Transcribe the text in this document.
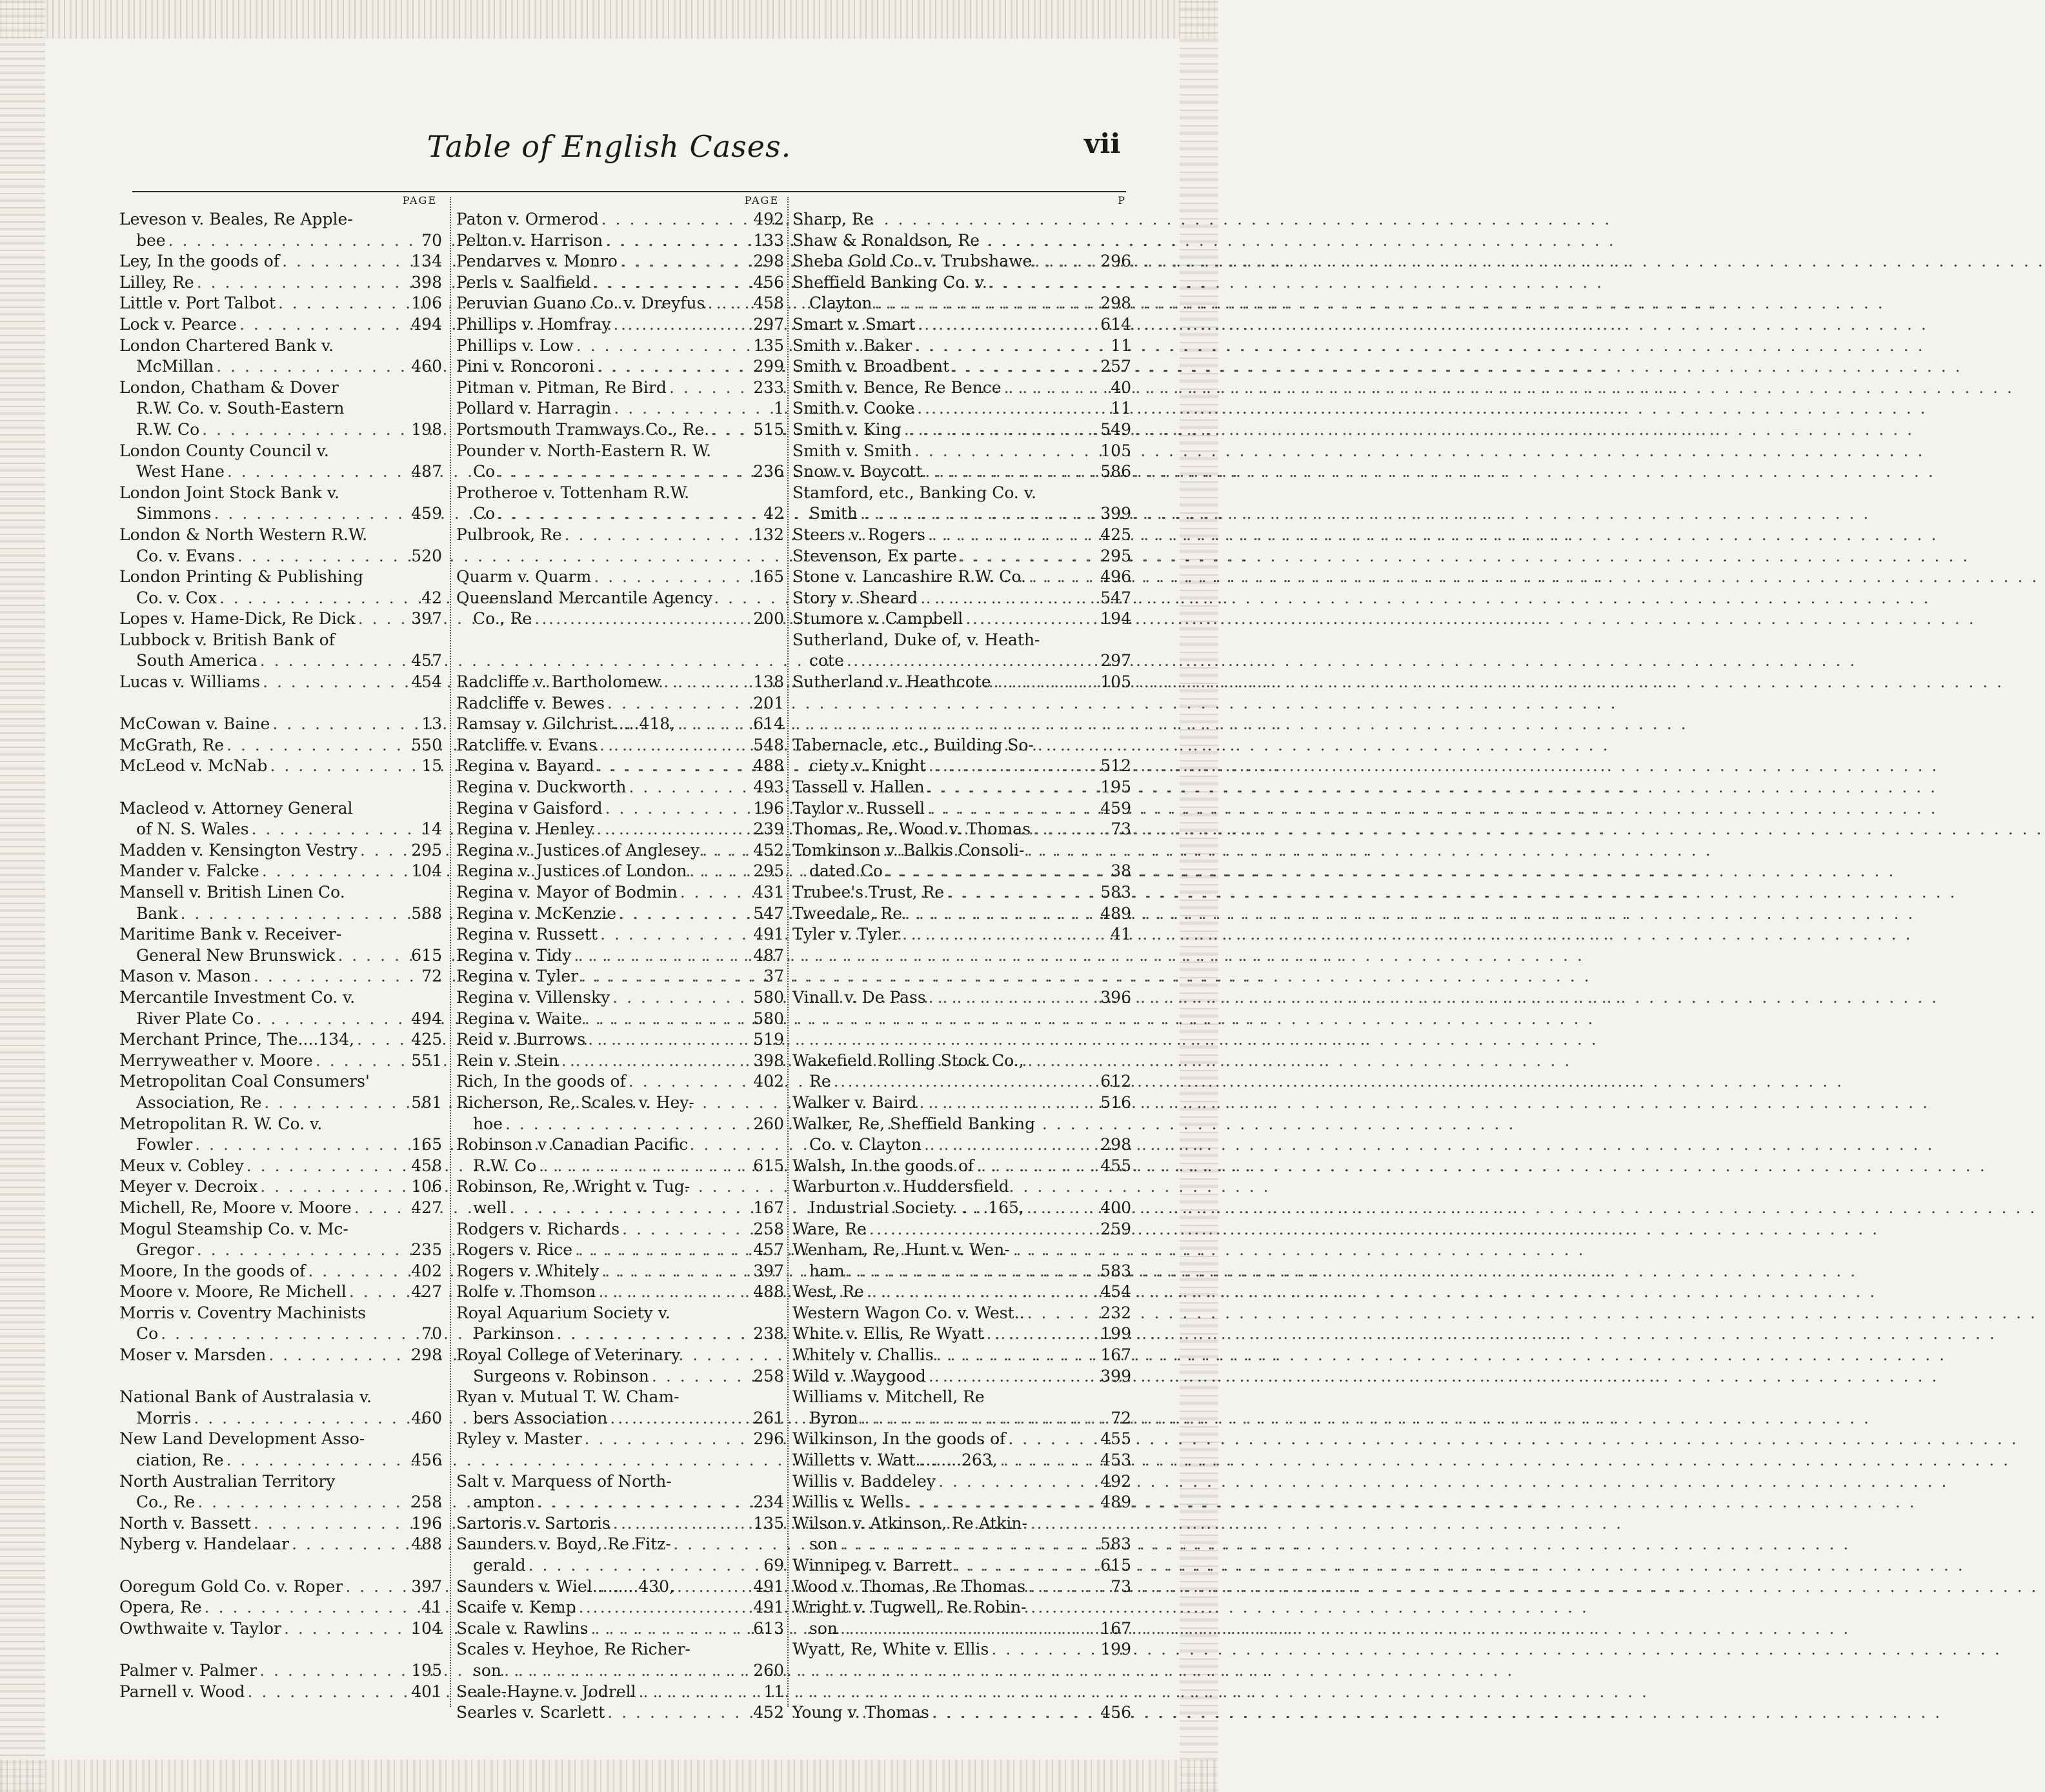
Table of English Cases.	vii
PAGE
Leveson v. Beales, Re Apple-
bee . . .	70
Ley, In the goods of . . .	134
Lilley, Re . . .	398
Little v. Port Talbot . . .	106
Lock v. Pearce . . .	494
London Chartered Bank v.
McMillan . . .	460
London, Chatham & Dover
R.W. Co. v. South-Eastern
R.W. Co . . .	198
London County Council v.
West Hane . . .	487
London Joint Stock Bank v.
Simmons . . .	459
London & North Western R.W.
Co. v. Evans . . .	520
London Printing & Publishing
Co. v. Cox . . .	42
Lopes v. Hame-Dick, Re Dick . . .	397
Lubbock v. British Bank of
South America . . .	457
Lucas v. Williams . . .	454
McCowan v. Baine . . .	13
McGrath, Re . . .	550
McLeod v. McNab . . .	15
Macleod v. Attorney General
of N. S. Wales . . .	14
Madden v. Kensington Vestry . . .	295
Mander v. Falcke . . .	104
Mansell v. British Linen Co.
Bank . . .	588
Maritime Bank v. Receiver-
General New Brunswick . . .	615
Mason v. Mason . . .	72
Mercantile Investment Co. v.
River Plate Co . . .	494
Merchant Prince, The....134, . . .	425
Merryweather v. Moore . . .	551
Metropolitan Coal Consumers'
Association, Re . . .	581
Metropolitan R. W. Co. v.
Fowler . . .	165
Meux v. Cobley . . .	458
Meyer v. Decroix . . .	106
Michell, Re, Moore v. Moore . . .	427
Mogul Steamship Co. v. Mc-
Gregor . . .	235
Moore, In the goods of . . .	402
Moore v. Moore, Re Michell . . .	427
Morris v. Coventry Machinists
Co . . .	70
Moser v. Marsden . . .	298
National Bank of Australasia v.
Morris . . .	460
New Land Development Asso-
ciation, Re . . .	456
North Australian Territory
Co., Re . . .	258
North v. Bassett . . .	196
Nyberg v. Handelaar . . .	488
Ooregum Gold Co. v. Roper . . .	397
Opera, Re . . .	41
Owthwaite v. Taylor . . .	104
Palmer v. Palmer . . .	195
Parnell v. Wood . . .	401
PAGE
Paton v. Ormerod . . .	492
Pelton v. Harrison . . .	133
Pendarves v. Monro . . .	298
Perls v. Saalfield . . .	456
Peruvian Guano Co. v. Dreyfus . . .	458
Phillips v. Homfray . . .	297
Phillips v. Low . . .	135
Pini v. Roncoroni . . .	299
Pitman v. Pitman, Re Bird . . .	233
Pollard v. Harragin . . .	1
Portsmouth Tramways Co., Re. . . .	515
Pounder v. North-Eastern R. W.
Co . . .	236
Protheroe v. Tottenham R.W.
Co . . .	42
Pulbrook, Re . . .	132
Quarm v. Quarm . . .	165
Queensland Mercantile Agency
Co., Re . . .	200
Radcliffe v. Bartholomew . . .	138
Radcliffe v. Bewes . . .	201
Ramsay v. Gilchrist.....418, . . .	614
Ratcliffe v. Evans . . .	548
Regina v. Bayard . . .	488
Regina v. Duckworth . . .	493
Regina v Gaisford . . .	196
Regina v. Henley . . .	239
Regina v. Justices of Anglesey . . .	452
Regina v. Justices of London . . .	295
Regina v. Mayor of Bodmin . . .	431
Regina v. McKenzie . . .	547
Regina v. Russett . . .	491
Regina v. Tidy . . .	487
Regina v. Tyler . . .	37
Regina v. Villensky . . .	580
Regina v. Waite . . .	580
Reid v. Burrows . . .	519
Rein v. Stein . . .	398
Rich, In the goods of . . .	402
Richerson, Re, Scales v. Hey-
hoe . . .	260
Robinson v Canadian Pacific
R.W. Co . . .	615
Robinson, Re, Wright v. Tug-
well . . .	167
Rodgers v. Richards . . .	258
Rogers v. Rice . . .	457
Rogers v. Whitely . . .	397
Rolfe v. Thomson . . .	488
Royal Aquarium Society v.
Parkinson . . .	238
Royal College of Veterinary
Surgeons v. Robinson . . .	258
Ryan v. Mutual T. W. Cham-
bers Association . . .	261
Ryley v. Master . . .	296
Salt v. Marquess of North-
ampton . . .	234
Sartoris v. Sartoris . . .	135
Saunders v. Boyd, Re Fitz-
gerald . . .	69
Saunders v. Wiel.........430, . . .	491
Scaife v. Kemp . . .	491
Scale v. Rawlins . . .	613
Scales v. Heyhoe, Re Richer-
son . . .	260
Seale-Hayne v. Jodrell . . .	11
Searles v. Scarlett . . .	452
P
Sharp, Re
Shaw & Ronaldson, Re
Sheba Gold Co. v. Trubshawe . . .	296
Sheffield Banking Co. v.
Clayton . . .	298
Smart v. Smart . . .	614
Smith v. Baker . . .	11
Smith v. Broadbent . . .	257
Smith v. Bence, Re Bence . . .	40
Smith v. Cooke . . .	11
Smith v. King . . .	549
Smith v. Smith . . .	105
Snow v. Boycott . . .	586
Stamford, etc., Banking Co. v.
Smith . . .	399
Steers v. Rogers . . .	425
Stevenson, Ex parte . . .	295
Stone v. Lancashire R.W. Co. . . .	496
Story v. Sheard . . .	547
Stumore v. Campbell . . .	194
Sutherland, Duke of, v. Heath-
cote . . .	297
Sutherland v. Heathcote . . .	105
Tabernacle, etc., Building So-
ciety v. Knight . . .	512
Tassell v. Hallen . . .	195
Taylor v. Russell . . .	459
Thomas, Re, Wood v. Thomas . . .	73
Tomkinson v. Balkis Consoli-
dated Co . . .	38
Trubee's Trust, Re . . .	583
Tweedale, Re . . .	489
Tyler v. Tyler . . .	41
Vinall v. De Pass . . .	396
Wakefield Rolling Stock Co.,
Re . . .	612
Walker v. Baird . . .	516
Walker, Re, Sheffield Banking
Co. v. Clayton . . .	298
Walsh, In the goods of . . .	455
Warburton v. Huddersfield
Industrial Society. . . .165, . . .	400
Ware, Re . . .	259
Wenham, Re, Hunt v. Wen-
ham . . .	583
West, Re . . .	454
Western Wagon Co. v. West.. . . .	232
White v. Ellis, Re Wyatt . . .	199
Whitely v. Challis . . .	167
Wild v. Waygood . . .	399
Williams v. Mitchell, Re
Byron . . .	72
Wilkinson, In the goods of . . .	455
Willetts v. Watt.........263, . . .	453
Willis v. Baddeley . . .	492
Willis v. Wells . . .	489
Wilson v. Atkinson, Re Atkin-
son . . .	583
Winnipeg v. Barrett . . .	615
Wood v. Thomas, Re Thomas . . .	73
Wright v. Tugwell, Re Robin-
son . . .	167
Wyatt, Re, White v. Ellis . . .	199
Young v. Thomas . . .	456
